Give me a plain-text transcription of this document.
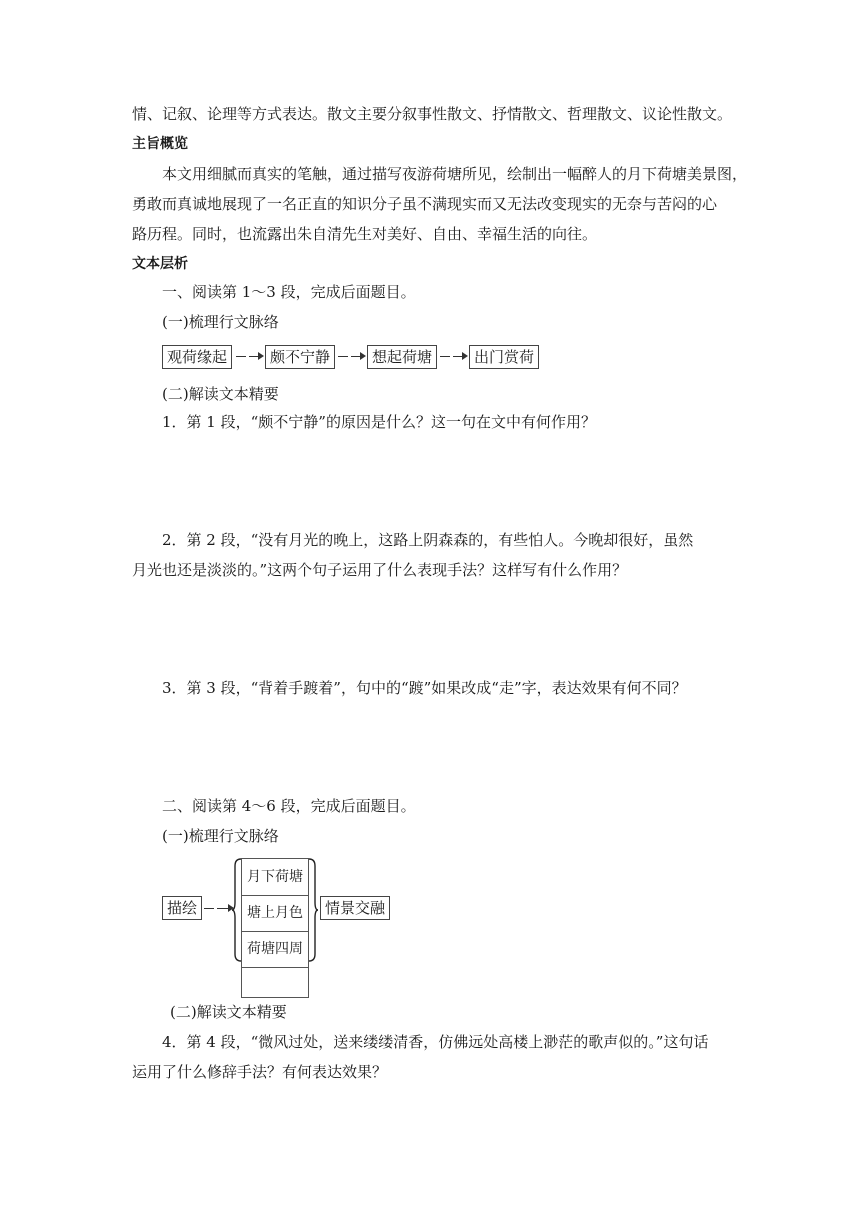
情、记叙、论理等方式表达。散文主要分叙事性散文、抒情散文、哲理散文、议论性散文。
主旨概览
本文用细腻而真实的笔触，通过描写夜游荷塘所见，绘制出一幅醉人的月下荷塘美景图，
勇敢而真诚地展现了一名正直的知识分子虽不满现实而又无法改变现实的无奈与苦闷的心
路历程。同时，也流露出朱自清先生对美好、自由、幸福生活的向往。
文本层析
一、阅读第 1～3 段，完成后面题目。
(一)梳理行文脉络
观荷缘起	颇不宁静	想起荷塘	出门赏荷
(二)解读文本精要
1．第 1 段，“颇不宁静”的原因是什么？这一句在文中有何作用？
2．第 2 段，“没有月光的晚上，这路上阴森森的，有些怕人。今晚却很好，虽然
月光也还是淡淡的。”这两个句子运用了什么表现手法？这样写有什么作用？
3．第 3 段，“背着手踱着”，句中的“踱”如果改成“走”字，表达效果有何不同？
二、阅读第 4～6 段，完成后面题目。
(一)梳理行文脉络
描绘
月下荷塘
塘上月色
荷塘四周
情景交融
(二)解读文本精要
4．第 4 段，“微风过处，送来缕缕清香，仿佛远处高楼上渺茫的歌声似的。”这句话
运用了什么修辞手法？有何表达效果？
